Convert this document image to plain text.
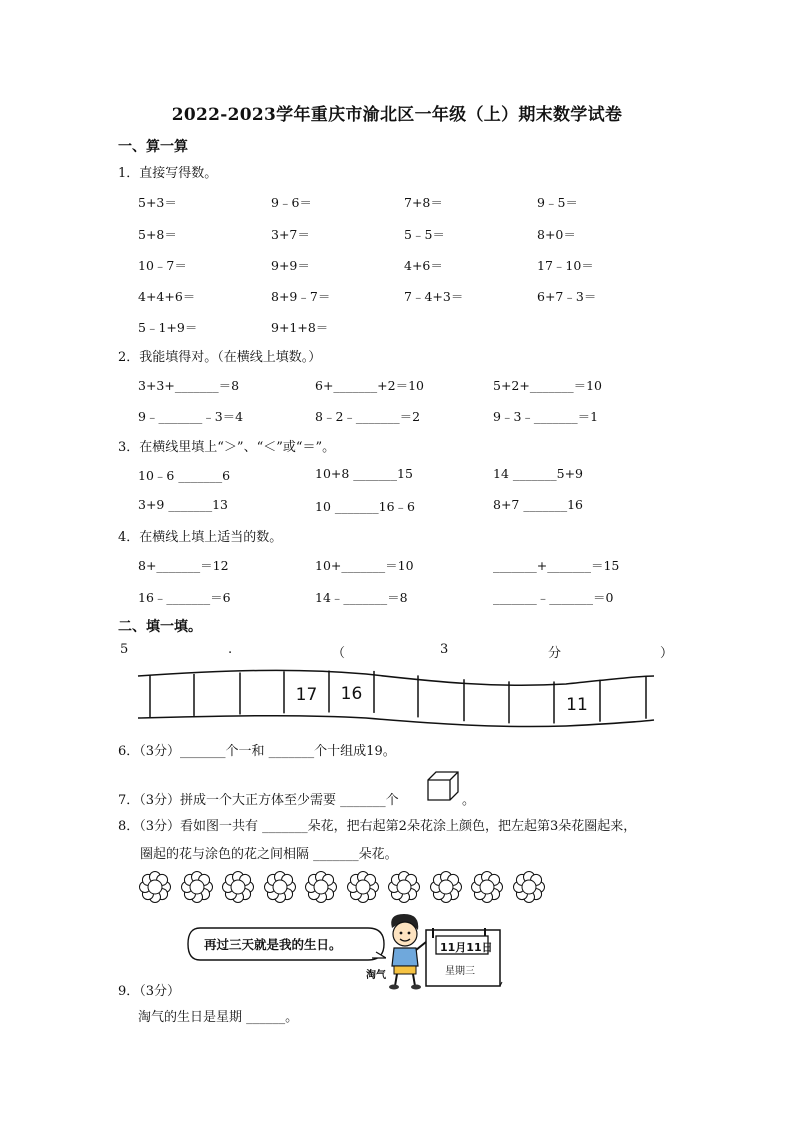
2022-2023学年重庆市渝北区一年级（上）期末数学试卷
一、算一算
1．直接写得数。
2．我能填得对。（在横线上填数。）
3．在横线里填上“＞”、“＜”或“＝”。
4．在横线上填上适当的数。
二、填一填。
5	.	（	3	分	）
17 16
11
6．（3分）_______个一和 _______个十组成19。
7．（3分）拼成一个大正方体至少需要 _______个	。
8．（3分）看如图一共有 _______朵花，把右起第2朵花涂上颜色，把左起第3朵花圈起来，
圈起的花与涂色的花之间相隔 _______朵花。
再过三天就是我的生日。
淘气
11月11日
星期三
9．（3分）
淘气的生日是星期 ______。
5+3＝	9﹣6＝	7+8＝	9﹣5＝
5+8＝	3+7＝	5﹣5＝	8+0＝
10﹣7＝	9+9＝	4+6＝	17﹣10＝
4+4+6＝	8+9﹣7＝	7﹣4+3＝	6+7﹣3＝
5﹣1+9＝	9+1+8＝
3+3+_______＝8	6+_______+2＝10	5+2+_______＝10
9﹣_______﹣3＝4	8﹣2﹣_______＝2	9﹣3﹣_______＝1
10﹣6 _______6	10+8 _______15	14 _______5+9
3+9 _______13	10 _______16﹣6	8+7 _______16
8+_______＝12	10+_______＝10	_______+_______＝15
16﹣_______＝6	14﹣_______＝8	_______﹣_______＝0
